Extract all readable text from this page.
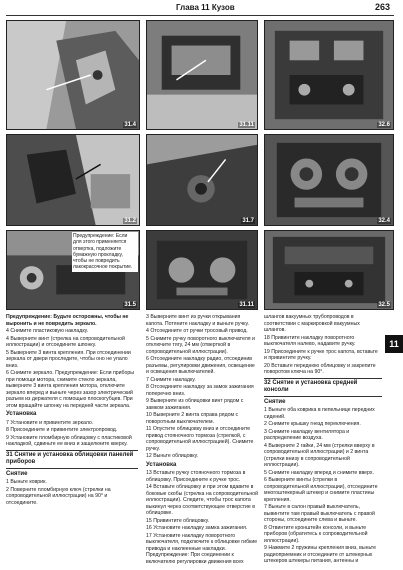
Глава 11 Кузов	263
31.4	31.11	32.6
31.2	31.7	32.4
31.5
Предупреждение: Если для этого применяется отвертка, подложите бумажную прокладку, чтобы не повредить лакокрасочное покрытие.
31.11	32.5

Предупреждение: Будьте осторожны, чтобы не выронить и не повредить зеркало.

4 Снимите пластиковую накладку.

4 Выверните винт (стрелка на сопроводительной иллюстрации) и отсоедините шпонку.

5 Выверните 3 винта крепления. При отсоединении зеркала от двери проследите, чтобы оно не упало вниз.

6 Снимите зеркало. Предупреждение: Если приборы при помощи мотора, снимите стекло зеркала, выверните 3 винта крепления мотора, отключите зеркало вперед и выньте через зазор электрический разъем из держателя с помощью плоскогубцев. При этом вращайте шпонку на передней части зеркала.

Установка

7 Установите и привинтите зеркало.

8 Присоедините и привинтите электропровод.

9 Установите пломбирную облицовку с пластиковой накладкой, сдвиньте ее вниз и защелкните кверху.

31 Снятие и установка облицовки панелей приборов
Снятие

1 Выньте коврик.

2 Поверните пломбирную ключ (стрелки на сопроводительной иллюстрации) на 90° и отсоедините.

3 Выверните винт из ручки открывания капота. Потяните накладку и выньте ручку.

4 Отсоедините от ручки тросовый привод.

5 Снимите ручку поворотного выключателя и отключите тягу, 24 мм (отверткой в сопроводительной иллюстрации).

6 Отсоедините накладку радио, отсоединив разъемы, регулировки движения, освещение и освещения выключателей.

7 Снимите накладку.

8 Отсоедините накладку за замок зажигания поперечно вниз.

9 Выверните из облицовки винт рядом с замком зажигания.

10 Выверните 2 винта справа рядом с поворотным выключателем.

11 Опустите облицовку вниз и отсоедините привод стояночного тормоза (стрелкой, с сопроводительной иллюстрацией). Снимите ручку.

12 Выньте облицовку.

Установка

13 Вставьте ручку стояночного тормоза в облицовку. Присоедините к ручке трос.

14 Вставьте облицовку и при этом вдавите в боковые скобы (стрелка на сопроводительной иллюстрации). Следите, чтобы трос капота выкинул через соответствующее отверстие в облицовке.

15 Привинтите облицовку.

16 Установите накладку замка зажигания.

17 Установите накладку поворотного выключателя, подключите к облицовке гибкие привода и наклеенные накладки. Предупреждение: При соединении к включателю регулировки движения всех

шлангов вакуумных трубопроводов в соответствии с маркировкой вакуумных шлангов.

18 Привинтите накладку поворотного выключателя налево, надавите ручку.

19 Присоедините к ручке трос капота, вставьте и привинтите ручку.

20 Вставьте переднюю облицовку и закрепите поворотом ключа на 90°.

32 Снятие и установка средней консоли
Снятие

1 Выньте оба коврика в пепельнице передних сидений.

2 Снимите крышку гнезд переключения.

3 Снимите накладку вентилятора и распределение воздуха.

4 Выверните 2 гайки, 24 мм (стрелки вверху в сопроводительной иллюстрации) и 2 винта (стрелки внизу в сопроводительной иллюстрации).

5 Снимите накладку вперед и снимите вверх.

6 Выверните винты (стрелки в сопроводительной иллюстрации), отсоедините многоштекерный штекер и снимите пластины крепления.

7 Выньте в салон правый выключатель, вывинтите там правый выключатель с правой стороны, отсоедините слева и выньте.

8 Отвинтите кронштейн консоли, и выньте приборов (обратитесь к сопроводительной иллюстрации).

9 Нажмите 2 пружины крепления вниз, выньте радиоприемник и отсоедините от штекерных штекеров штекеры питания, антенны и

11
